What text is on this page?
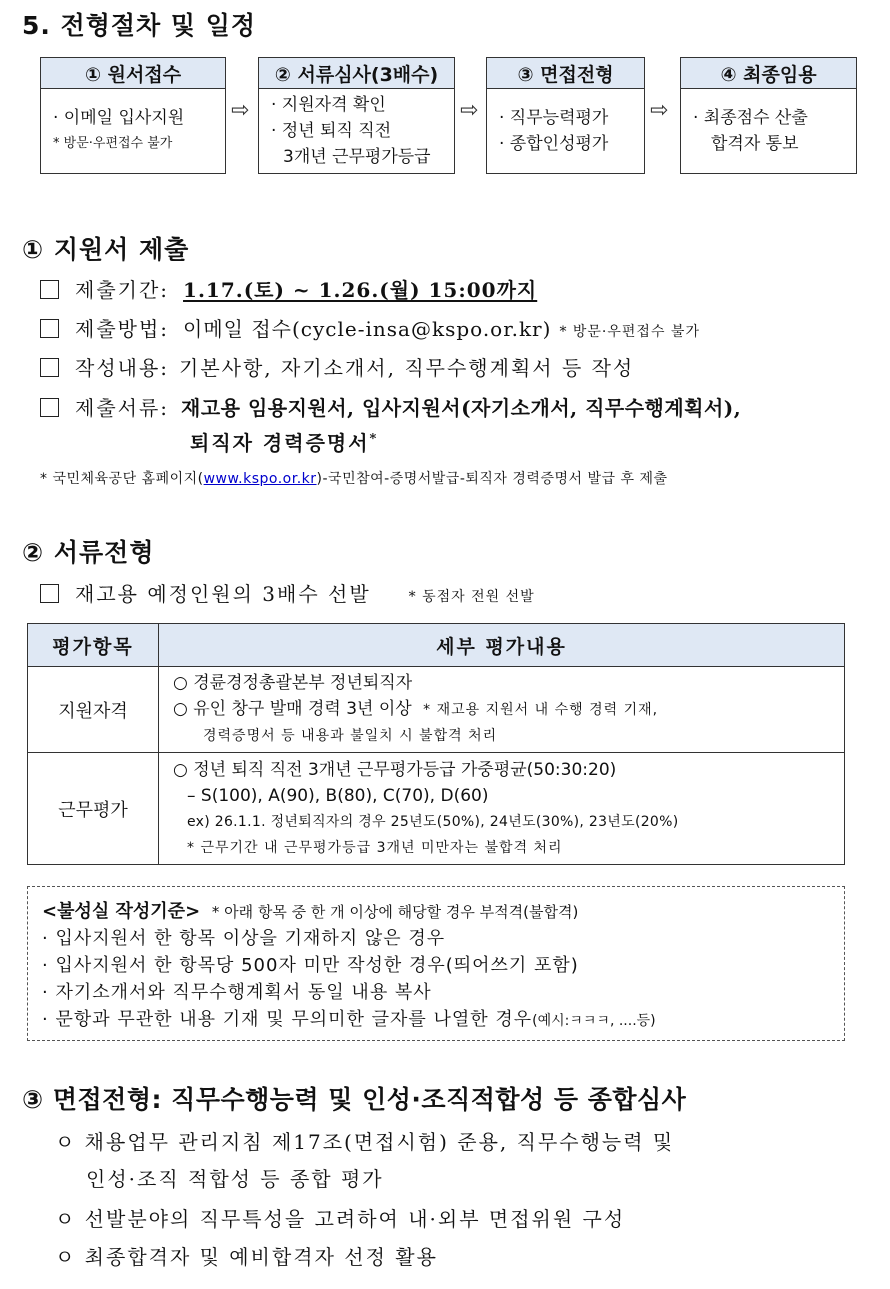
5. 전형절차 및 일정
① 원서접수
· 이메일 입사지원
* 방문·우편접수 불가
⇨
② 서류심사(3배수)
· 지원자격 확인
· 정년 퇴직 직전
3개년 근무평가등급
⇨
③ 면접전형
· 직무능력평가
· 종합인성평가
⇨
④ 최종임용
· 최종점수 산출
합격자 통보
① 지원서 제출
제출기간: 1.17.(토) ~ 1.26.(월) 15:00까지
제출방법: 이메일 접수(cycle-insa@kspo.or.kr) * 방문·우편접수 불가
작성내용: 기본사항, 자기소개서, 직무수행계획서 등 작성
제출서류: 재고용 임용지원서, 입사지원서(자기소개서, 직무수행계획서),
퇴직자 경력증명서*
* 국민체육공단 홈페이지(www.kspo.or.kr)-국민참여-증명서발급-퇴직자 경력증명서 발급 후 제출
② 서류전형
재고용 예정인원의 3배수 선발	* 동점자 전원 선발
평가항목	세부 평가내용
지원자격	○ 경륜경정총괄본부 정년퇴직자
○ 유인 창구 발매 경력 3년 이상 * 재고용 지원서 내 수행 경력 기재,
경력증명서 등 내용과 불일치 시 불합격 처리

근무평가	○ 정년 퇴직 직전 3개년 근무평가등급 가중평균(50:30:20)
– S(100), A(90), B(80), C(70), D(60)
ex) 26.1.1. 정년퇴직자의 경우 25년도(50%), 24년도(30%), 23년도(20%)
* 근무기간 내 근무평가등급 3개년 미만자는 불합격 처리
<불성실 작성기준> * 아래 항목 중 한 개 이상에 해당할 경우 부적격(불합격)
· 입사지원서 한 항목 이상을 기재하지 않은 경우
· 입사지원서 한 항목당 500자 미만 작성한 경우(띄어쓰기 포함)
· 자기소개서와 직무수행계획서 동일 내용 복사
· 문항과 무관한 내용 기재 및 무의미한 글자를 나열한 경우(예시:ㅋㅋㅋ, ....등)
③ 면접전형: 직무수행능력 및 인성·조직적합성 등 종합심사
ㅇ 채용업무 관리지침 제17조(면접시험) 준용, 직무수행능력 및
인성·조직 적합성 등 종합 평가
ㅇ 선발분야의 직무특성을 고려하여 내·외부 면접위원 구성
ㅇ 최종합격자 및 예비합격자 선정 활용
